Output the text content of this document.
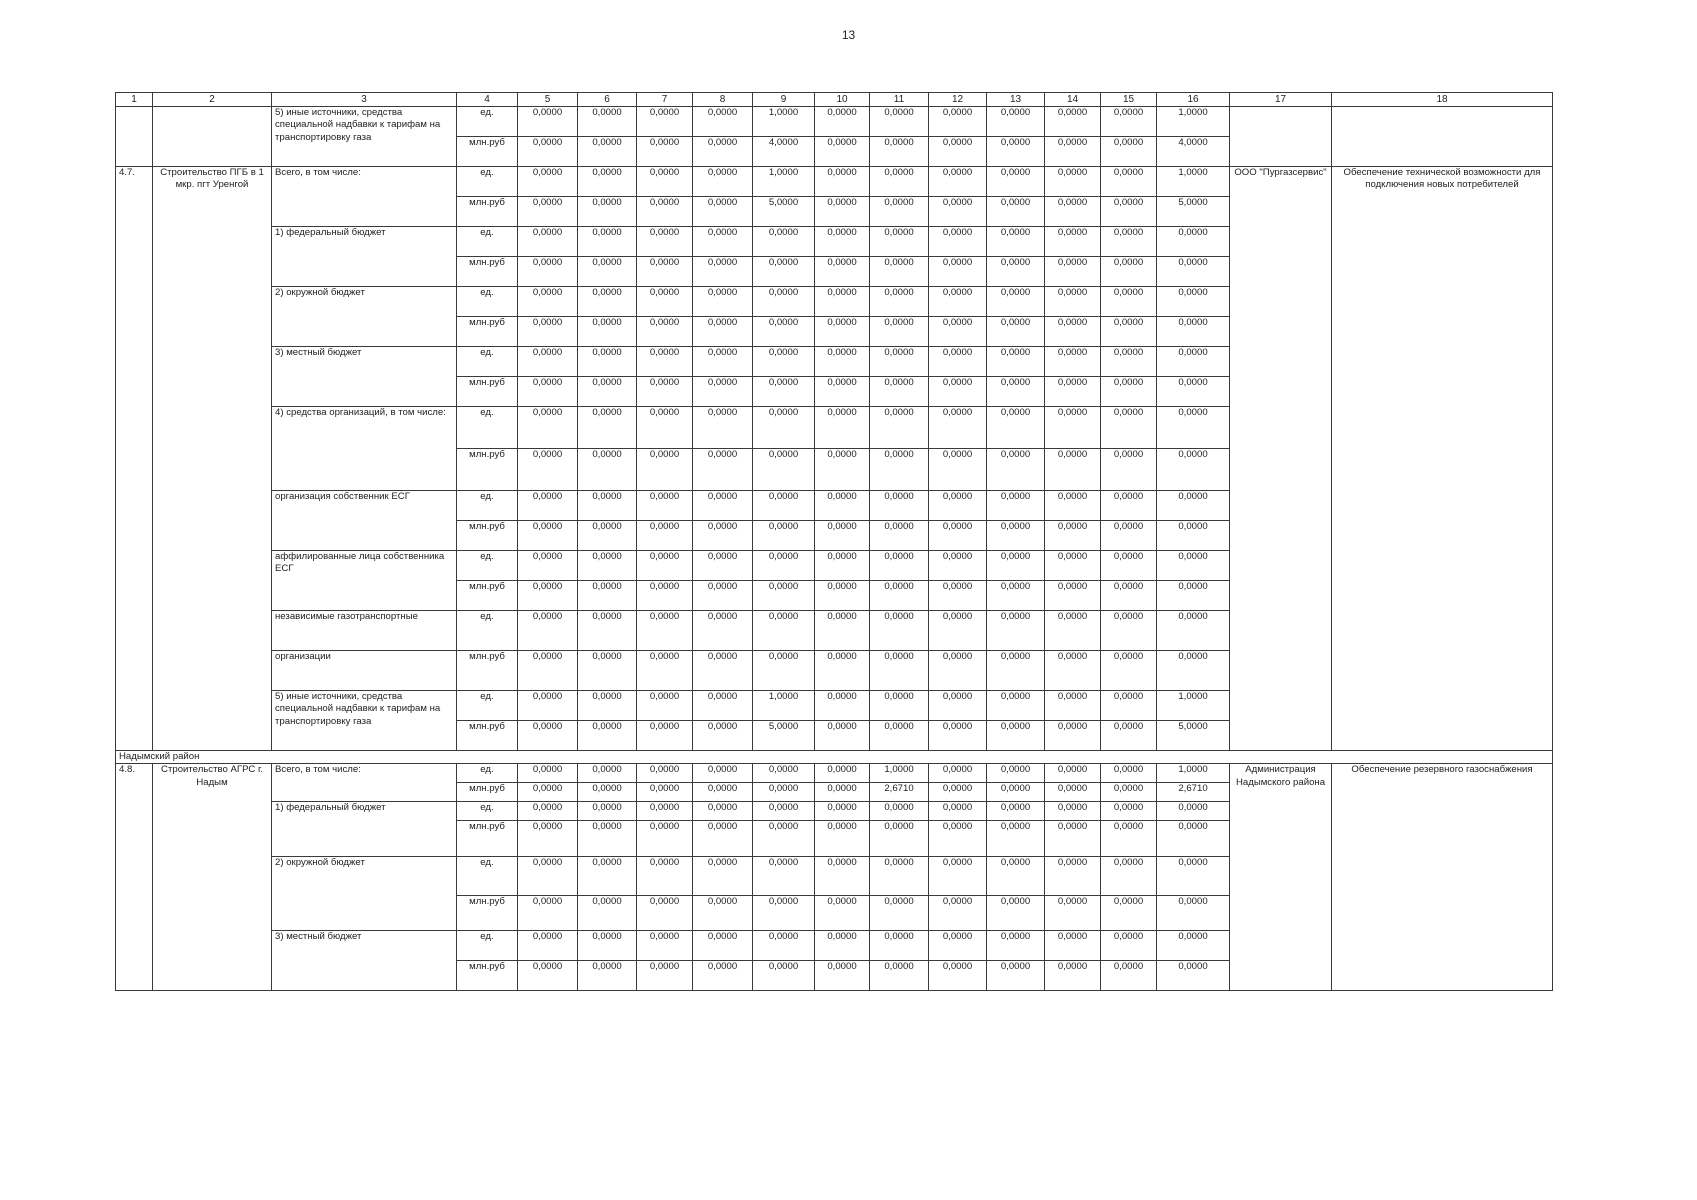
13
1	2	3	4	5	6	7	8	9	10	11	12	13	14	15	16	17	18
		5) иные источники, средства специальной надбавки к тарифам на транспортировку газа	ед.	0,0000	0,0000	0,0000	0,0000	1,0000	0,0000	0,0000	0,0000	0,0000	0,0000	0,0000	1,0000		
			млн.руб	0,0000	0,0000	0,0000	0,0000	4,0000	0,0000	0,0000	0,0000	0,0000	0,0000	0,0000	4,0000		
4.7.	Строительство ПГБ в 1 мкр. пгт Уренгой	Всего, в том числе:	ед.	0,0000	0,0000	0,0000	0,0000	1,0000	0,0000	0,0000	0,0000	0,0000	0,0000	0,0000	1,0000	ООО "Пургазсервис"	Обеспечение технической возможности для подключения новых потребителей
			млн.руб	0,0000	0,0000	0,0000	0,0000	5,0000	0,0000	0,0000	0,0000	0,0000	0,0000	0,0000	5,0000		
		1) федеральный бюджет	ед.	0,0000	0,0000	0,0000	0,0000	0,0000	0,0000	0,0000	0,0000	0,0000	0,0000	0,0000	0,0000		
			млн.руб	0,0000	0,0000	0,0000	0,0000	0,0000	0,0000	0,0000	0,0000	0,0000	0,0000	0,0000	0,0000		
		2) окружной бюджет	ед.	0,0000	0,0000	0,0000	0,0000	0,0000	0,0000	0,0000	0,0000	0,0000	0,0000	0,0000	0,0000		
			млн.руб	0,0000	0,0000	0,0000	0,0000	0,0000	0,0000	0,0000	0,0000	0,0000	0,0000	0,0000	0,0000		
		3) местный бюджет	ед.	0,0000	0,0000	0,0000	0,0000	0,0000	0,0000	0,0000	0,0000	0,0000	0,0000	0,0000	0,0000		
			млн.руб	0,0000	0,0000	0,0000	0,0000	0,0000	0,0000	0,0000	0,0000	0,0000	0,0000	0,0000	0,0000		
		4) средства организаций, в том числе:	ед.	0,0000	0,0000	0,0000	0,0000	0,0000	0,0000	0,0000	0,0000	0,0000	0,0000	0,0000	0,0000		
			млн.руб	0,0000	0,0000	0,0000	0,0000	0,0000	0,0000	0,0000	0,0000	0,0000	0,0000	0,0000	0,0000		
		организация собственник ЕСГ	ед.	0,0000	0,0000	0,0000	0,0000	0,0000	0,0000	0,0000	0,0000	0,0000	0,0000	0,0000	0,0000		
			млн.руб	0,0000	0,0000	0,0000	0,0000	0,0000	0,0000	0,0000	0,0000	0,0000	0,0000	0,0000	0,0000		
		аффилированные лица собственника ЕСГ	ед.	0,0000	0,0000	0,0000	0,0000	0,0000	0,0000	0,0000	0,0000	0,0000	0,0000	0,0000	0,0000		
			млн.руб	0,0000	0,0000	0,0000	0,0000	0,0000	0,0000	0,0000	0,0000	0,0000	0,0000	0,0000	0,0000		
		независимые газотранспортные	ед.	0,0000	0,0000	0,0000	0,0000	0,0000	0,0000	0,0000	0,0000	0,0000	0,0000	0,0000	0,0000		
		организации	млн.руб	0,0000	0,0000	0,0000	0,0000	0,0000	0,0000	0,0000	0,0000	0,0000	0,0000	0,0000	0,0000		
		5) иные источники, средства специальной надбавки к тарифам на транспортировку газа	ед.	0,0000	0,0000	0,0000	0,0000	1,0000	0,0000	0,0000	0,0000	0,0000	0,0000	0,0000	1,0000		
			млн.руб	0,0000	0,0000	0,0000	0,0000	5,0000	0,0000	0,0000	0,0000	0,0000	0,0000	0,0000	5,0000		
Надымский район																	
4.8.	Строительство АГРС г. Надым	Всего, в том числе:	ед.	0,0000	0,0000	0,0000	0,0000	0,0000	0,0000	1,0000	0,0000	0,0000	0,0000	0,0000	1,0000	Администрация Надымского района	Обеспечение резервного газоснабжения
			млн.руб	0,0000	0,0000	0,0000	0,0000	0,0000	0,0000	2,6710	0,0000	0,0000	0,0000	0,0000	2,6710		
		1) федеральный бюджет	ед.	0,0000	0,0000	0,0000	0,0000	0,0000	0,0000	0,0000	0,0000	0,0000	0,0000	0,0000	0,0000		
			млн.руб	0,0000	0,0000	0,0000	0,0000	0,0000	0,0000	0,0000	0,0000	0,0000	0,0000	0,0000	0,0000		
		2) окружной бюджет	ед.	0,0000	0,0000	0,0000	0,0000	0,0000	0,0000	0,0000	0,0000	0,0000	0,0000	0,0000	0,0000		
			млн.руб	0,0000	0,0000	0,0000	0,0000	0,0000	0,0000	0,0000	0,0000	0,0000	0,0000	0,0000	0,0000		
		3) местный бюджет	ед.	0,0000	0,0000	0,0000	0,0000	0,0000	0,0000	0,0000	0,0000	0,0000	0,0000	0,0000	0,0000		
			млн.руб	0,0000	0,0000	0,0000	0,0000	0,0000	0,0000	0,0000	0,0000	0,0000	0,0000	0,0000	0,0000		
